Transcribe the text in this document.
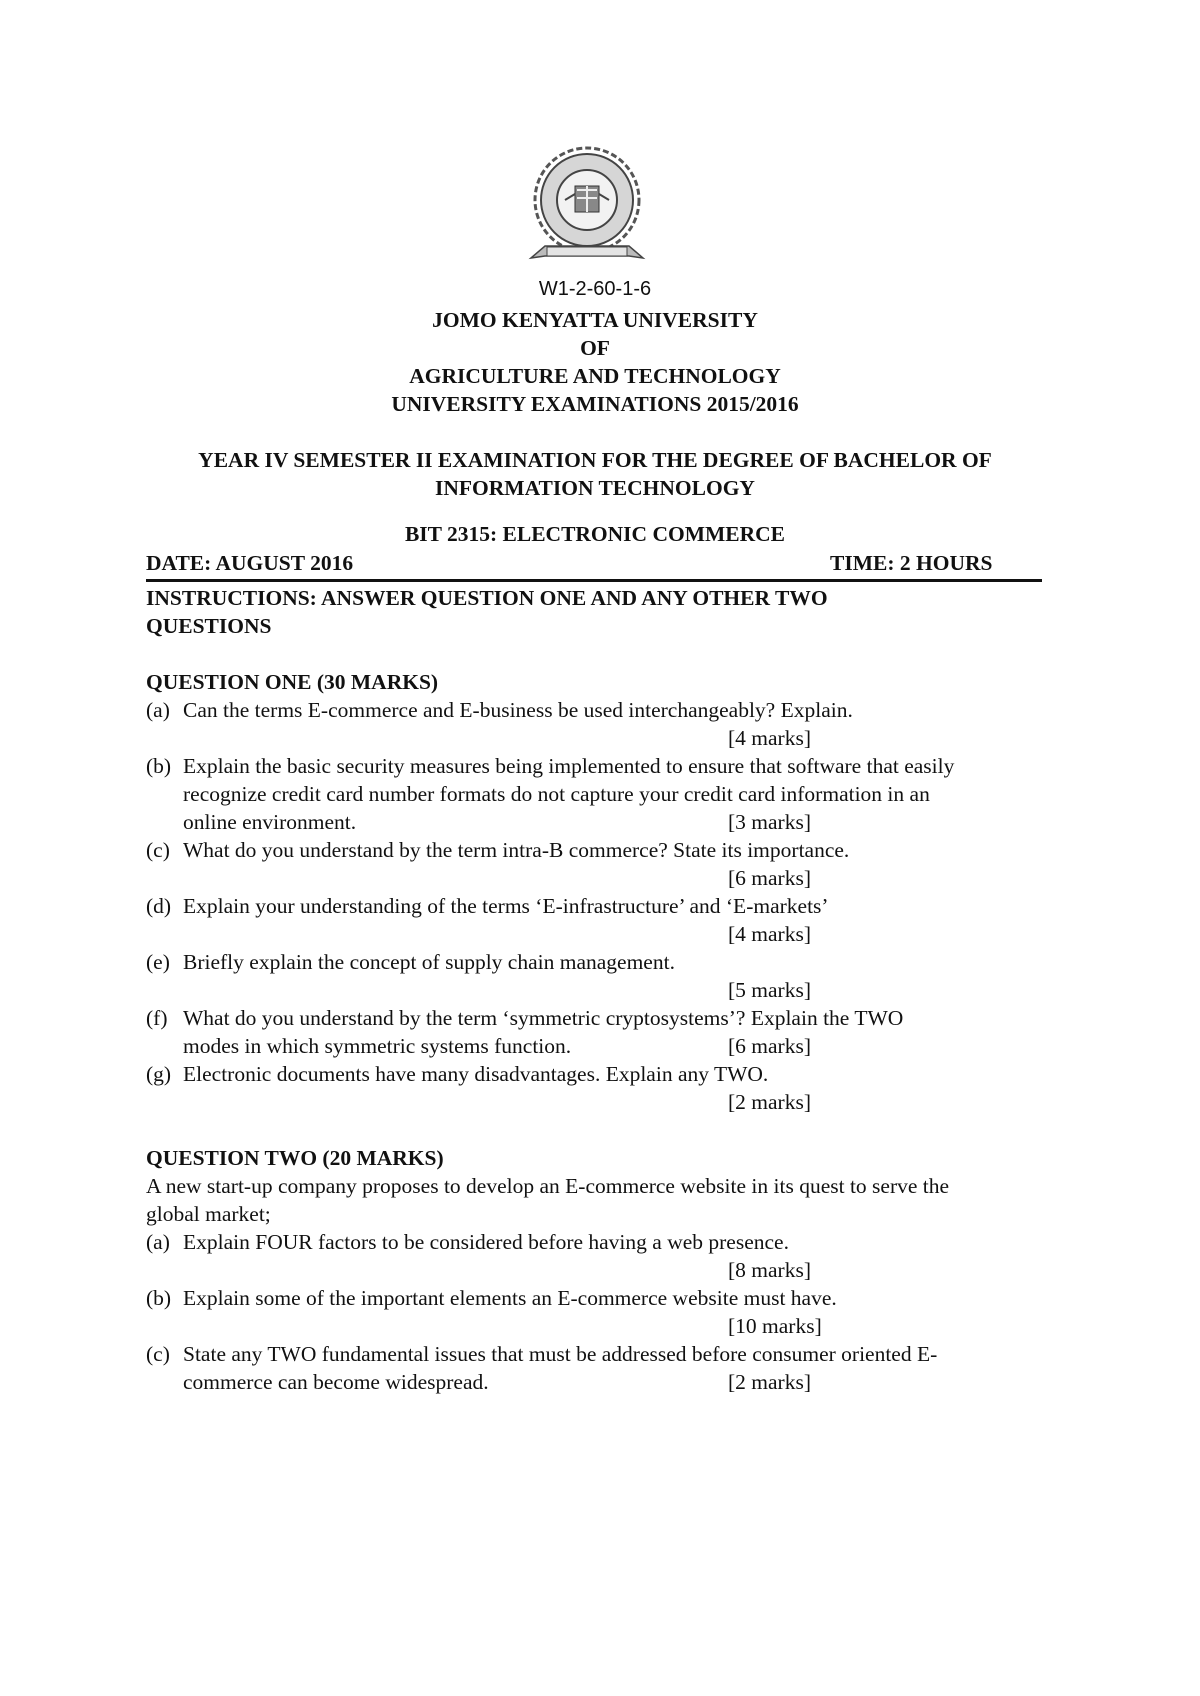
W1-2-60-1-6
JOMO KENYATTA UNIVERSITY
OF
AGRICULTURE AND TECHNOLOGY
UNIVERSITY EXAMINATIONS 2015/2016
YEAR IV SEMESTER II EXAMINATION FOR THE DEGREE OF BACHELOR OF
INFORMATION TECHNOLOGY
BIT 2315: ELECTRONIC COMMERCE
DATE: AUGUST 2016	TIME: 2 HOURS
INSTRUCTIONS: ANSWER QUESTION ONE AND ANY OTHER TWO
QUESTIONS
QUESTION ONE (30 MARKS)
(a) Can the terms E-commerce and E-business be used interchangeably? Explain.
[4 marks]
(b) Explain the basic security measures being implemented to ensure that software that easily
recognize credit card number formats do not capture your credit card information in an
online environment.	[3 marks]
(c) What do you understand by the term intra-B commerce? State its importance.
[6 marks]
(d) Explain your understanding of the terms ‘E-infrastructure’ and ‘E-markets’
[4 marks]
(e) Briefly explain the concept of supply chain management.
[5 marks]
(f) What do you understand by the term ‘symmetric cryptosystems’? Explain the TWO
modes in which symmetric systems function.	[6 marks]
(g) Electronic documents have many disadvantages. Explain any TWO.
[2 marks]
QUESTION TWO (20 MARKS)
A new start-up company proposes to develop an E-commerce website in its quest to serve the
global market;
(a) Explain FOUR factors to be considered before having a web presence.
[8 marks]
(b) Explain some of the important elements an E-commerce website must have.
[10 marks]
(c) State any TWO fundamental issues that must be addressed before consumer oriented E-
commerce can become widespread.	[2 marks]
